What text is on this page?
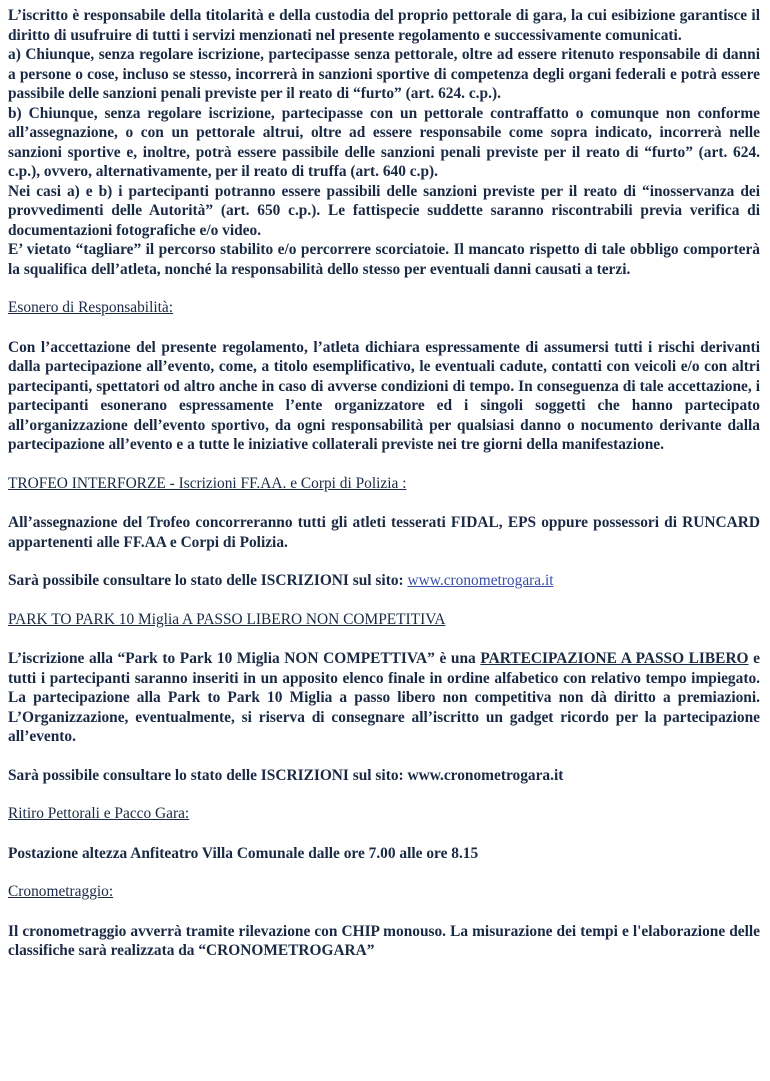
L’iscritto è responsabile della titolarità e della custodia del proprio pettorale di gara, la cui esibizione garantisce il diritto di usufruire di tutti i servizi menzionati nel presente regolamento e successivamente comunicati.

a) Chiunque, senza regolare iscrizione, partecipasse senza pettorale, oltre ad essere ritenuto responsabile di danni a persone o cose, incluso se stesso, incorrerà in sanzioni sportive di competenza degli organi federali e potrà essere passibile delle sanzioni penali previste per il reato di “furto” (art. 624. c.p.).

b) Chiunque, senza regolare iscrizione, partecipasse con un pettorale contraffatto o comunque non conforme all’assegnazione, o con un pettorale altrui, oltre ad essere responsabile come sopra indicato, incorrerà nelle sanzioni sportive e, inoltre, potrà essere passibile delle sanzioni penali previste per il reato di “furto” (art. 624. c.p.), ovvero, alternativamente, per il reato di truffa (art. 640 c.p).

Nei casi a) e b) i partecipanti potranno essere passibili delle sanzioni previste per il reato di “inosservanza dei provvedimenti delle Autorità” (art. 650 c.p.). Le fattispecie suddette saranno riscontrabili previa verifica di documentazioni fotografiche e/o video.

E’ vietato “tagliare” il percorso stabilito e/o percorrere scorciatoie. Il mancato rispetto di tale obbligo comporterà la squalifica dell’atleta, nonché la responsabilità dello stesso per eventuali danni causati a terzi.

Esonero di Responsabilità:

Con l’accettazione del presente regolamento, l’atleta dichiara espressamente di assumersi tutti i rischi derivanti dalla partecipazione all’evento, come, a titolo esemplificativo, le eventuali cadute, contatti con veicoli e/o con altri partecipanti, spettatori od altro anche in caso di avverse condizioni di tempo. In conseguenza di tale accettazione, i partecipanti esonerano espressamente l’ente organizzatore ed i singoli soggetti che hanno partecipato all’organizzazione dell’evento sportivo, da ogni responsabilità per qualsiasi danno o nocumento derivante dalla partecipazione all’evento e a tutte le iniziative collaterali previste nei tre giorni della manifestazione.

TROFEO INTERFORZE - Iscrizioni FF.AA. e Corpi di Polizia :

All’assegnazione del Trofeo concorreranno tutti gli atleti tesserati FIDAL, EPS oppure possessori di RUNCARD appartenenti alle FF.AA e Corpi di Polizia.

Sarà possibile consultare lo stato delle ISCRIZIONI sul sito: www.cronometrogara.it

PARK TO PARK 10 Miglia A PASSO LIBERO NON COMPETITIVA

L’iscrizione alla “Park to Park 10 Miglia NON COMPETTIVA” è una PARTECIPAZIONE A PASSO LIBERO e tutti i partecipanti saranno inseriti in un apposito elenco finale in ordine alfabetico con relativo tempo impiegato. La partecipazione alla Park to Park 10 Miglia a passo libero non competitiva non dà diritto a premiazioni. L’Organizzazione, eventualmente, si riserva di consegnare all’iscritto un gadget ricordo per la partecipazione all’evento.

Sarà possibile consultare lo stato delle ISCRIZIONI sul sito: www.cronometrogara.it

Ritiro Pettorali e Pacco Gara:

Postazione altezza Anfiteatro Villa Comunale dalle ore 7.00 alle ore 8.15

Cronometraggio:

Il cronometraggio avverrà tramite rilevazione con CHIP monouso. La misurazione dei tempi e l'elaborazione delle classifiche sarà realizzata da “CRONOMETROGARA”
